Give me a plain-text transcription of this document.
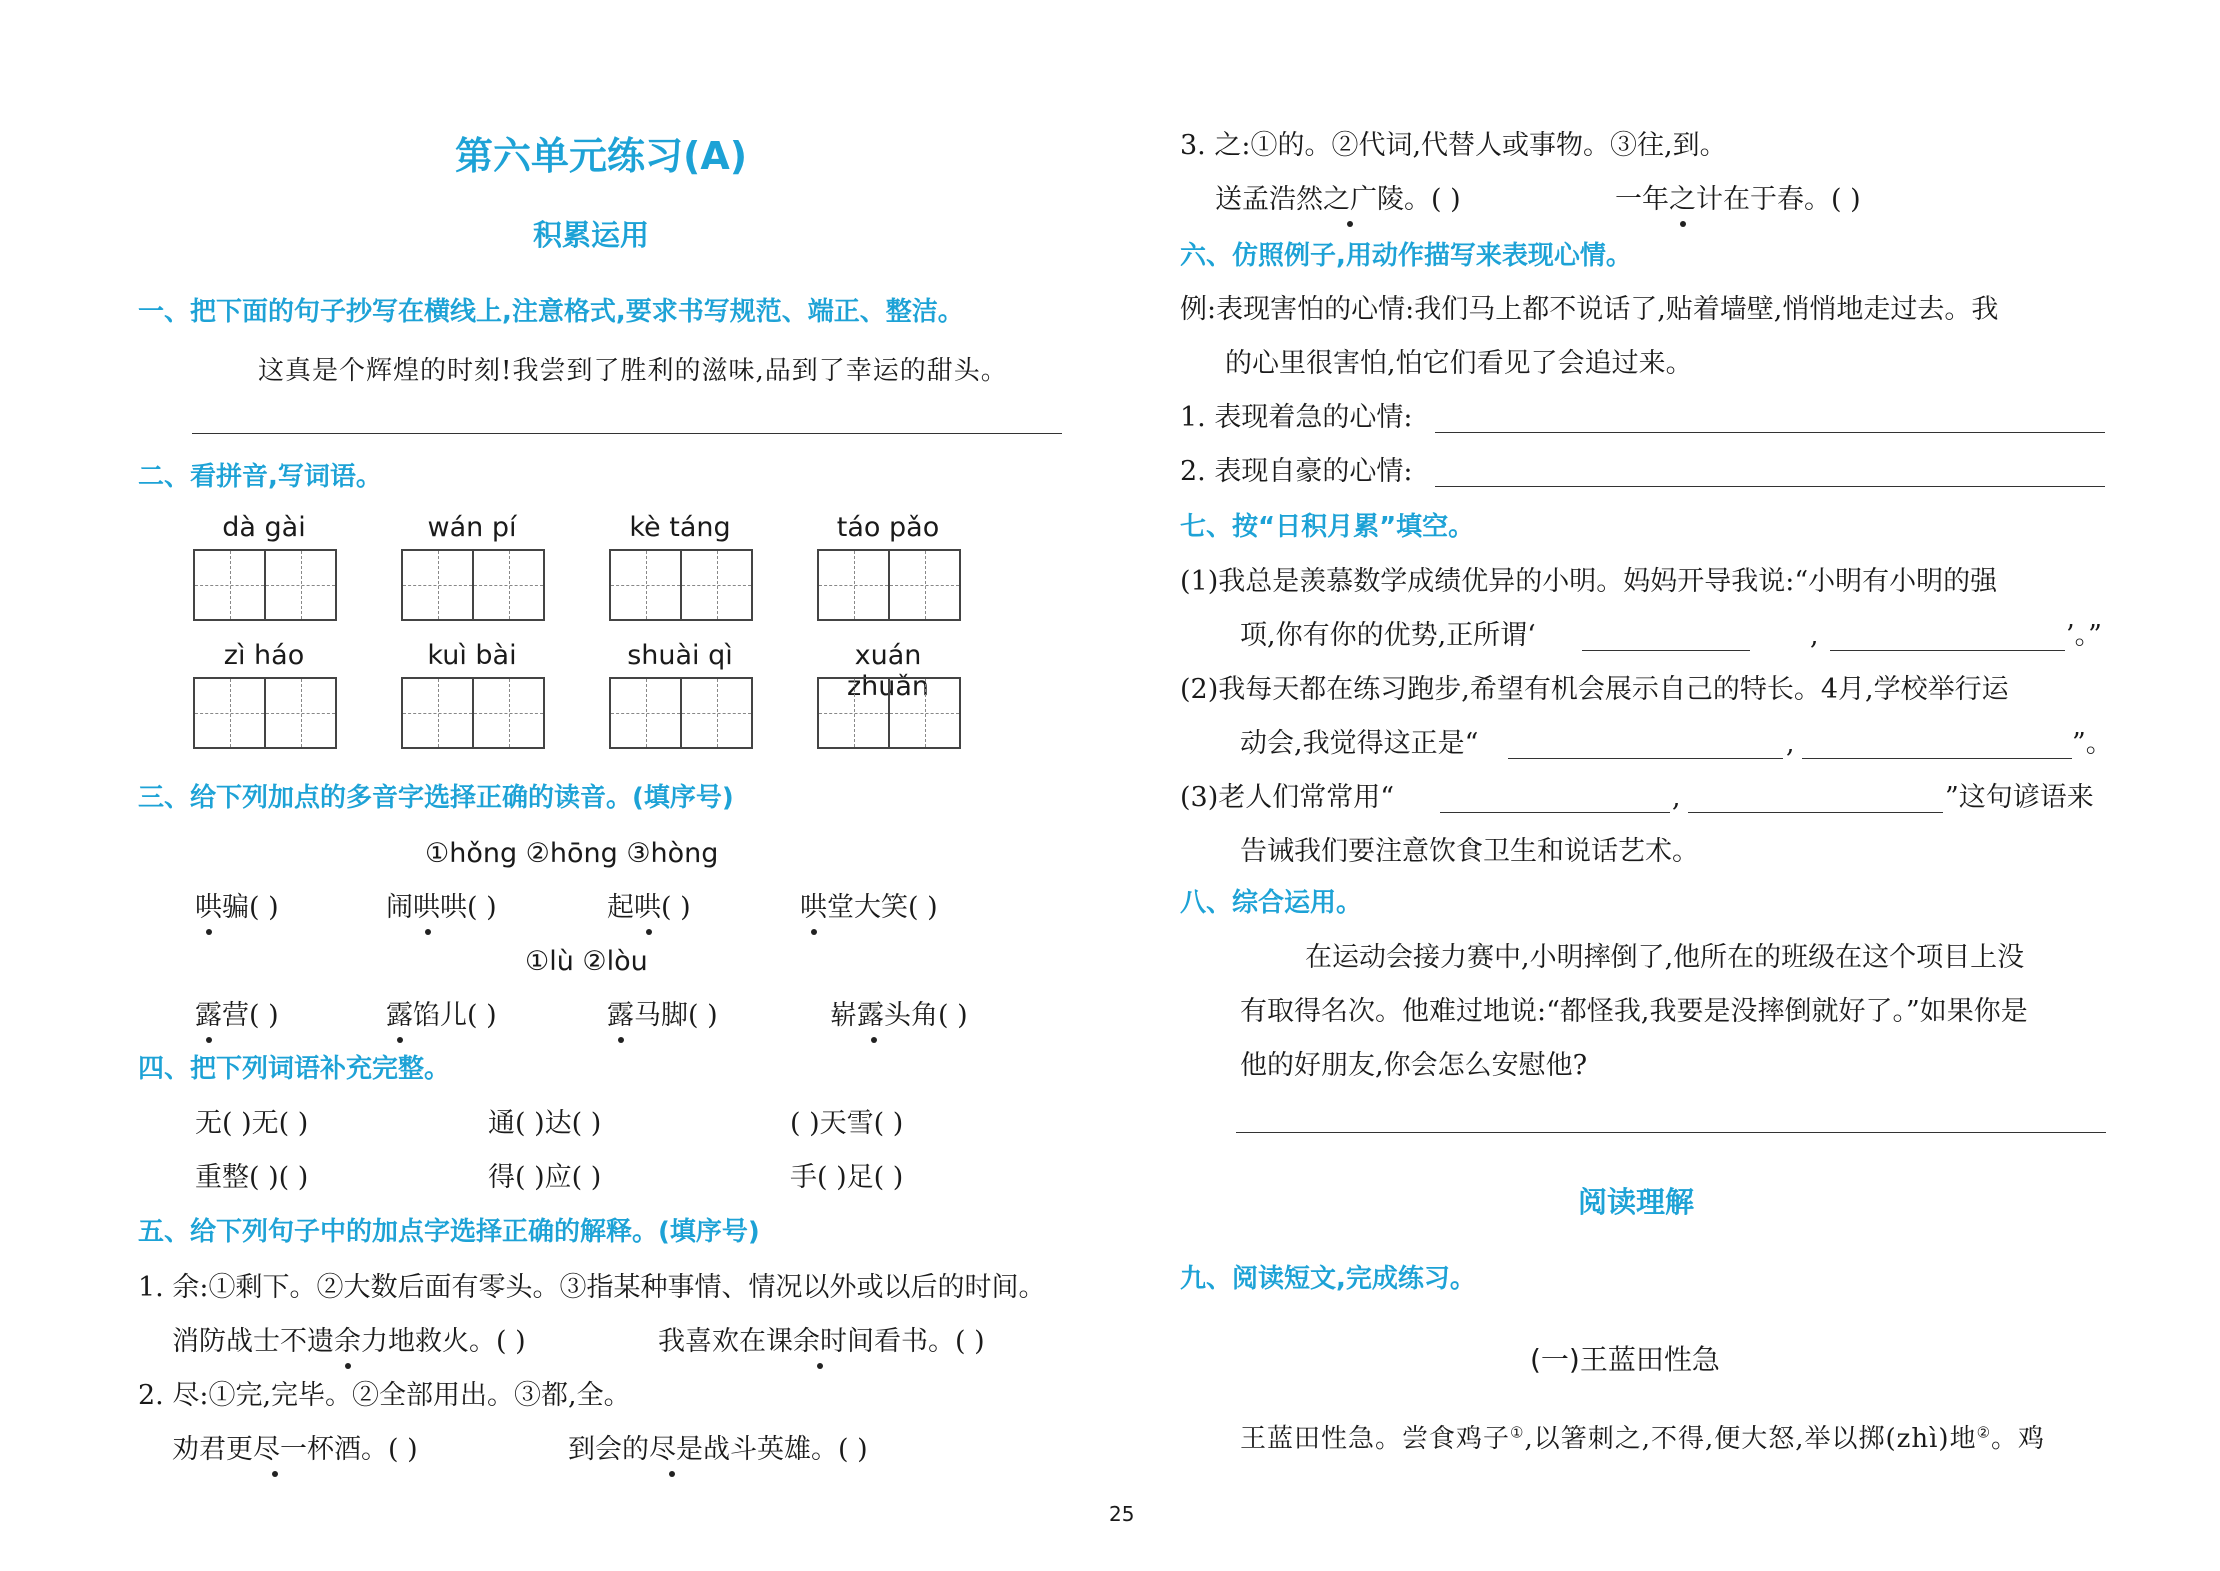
第六单元练习(A)
积累运用
一、把下面的句子抄写在横线上,注意格式,要求书写规范、端正、整洁。
这真是个辉煌的时刻!我尝到了胜利的滋味,品到了幸运的甜头。
二、看拼音,写词语。
dà gài	wán pí	kè táng	táo pǎo
zì háo	kuì bài	shuài qì	xuán zhuǎn
三、给下列加点的多音字选择正确的读音。(填序号)
①hǒng ②hōng ③hòng
哄骗( )	闹哄哄( )	起哄( )	哄堂大笑( )
①lù ②lòu
露营( )	露馅儿( )	露马脚( )	崭露头角( )
四、把下列词语补充完整。
无( )无( )	通( )达( )	( )天雪( )
重整( )( )	得( )应( )	手( )足( )
五、给下列句子中的加点字选择正确的解释。(填序号)
1. 余:①剩下。②大数后面有零头。③指某种事情、情况以外或以后的时间。
消防战士不遗余力地救火。( )	我喜欢在课余时间看书。( )
2. 尽:①完,完毕。②全部用出。③都,全。
劝君更尽一杯酒。( )	到会的尽是战斗英雄。( )
3. 之:①的。②代词,代替人或事物。③往,到。
送孟浩然之广陵。( )	一年之计在于春。( )
六、仿照例子,用动作描写来表现心情。
例:表现害怕的心情:我们马上都不说话了,贴着墙壁,悄悄地走过去。我
的心里很害怕,怕它们看见了会追过来。
1. 表现着急的心情:
2. 表现自豪的心情:
七、按“日积月累”填空。
(1)我总是羡慕数学成绩优异的小明。妈妈开导我说:“小明有小明的强
项,你有你的优势,正所谓‘	,	’。”
(2)我每天都在练习跑步,希望有机会展示自己的特长。4月,学校举行运
动会,我觉得这正是“	,	”。
(3)老人们常常用“	,	”这句谚语来
告诫我们要注意饮食卫生和说话艺术。
八、综合运用。
在运动会接力赛中,小明摔倒了,他所在的班级在这个项目上没
有取得名次。他难过地说:“都怪我,我要是没摔倒就好了。”如果你是
他的好朋友,你会怎么安慰他?
阅读理解
九、阅读短文,完成练习。
(一)王蓝田性急
王蓝田性急。尝食鸡子①,以箸刺之,不得,便大怒,举以掷(zhì)地②。鸡
25
